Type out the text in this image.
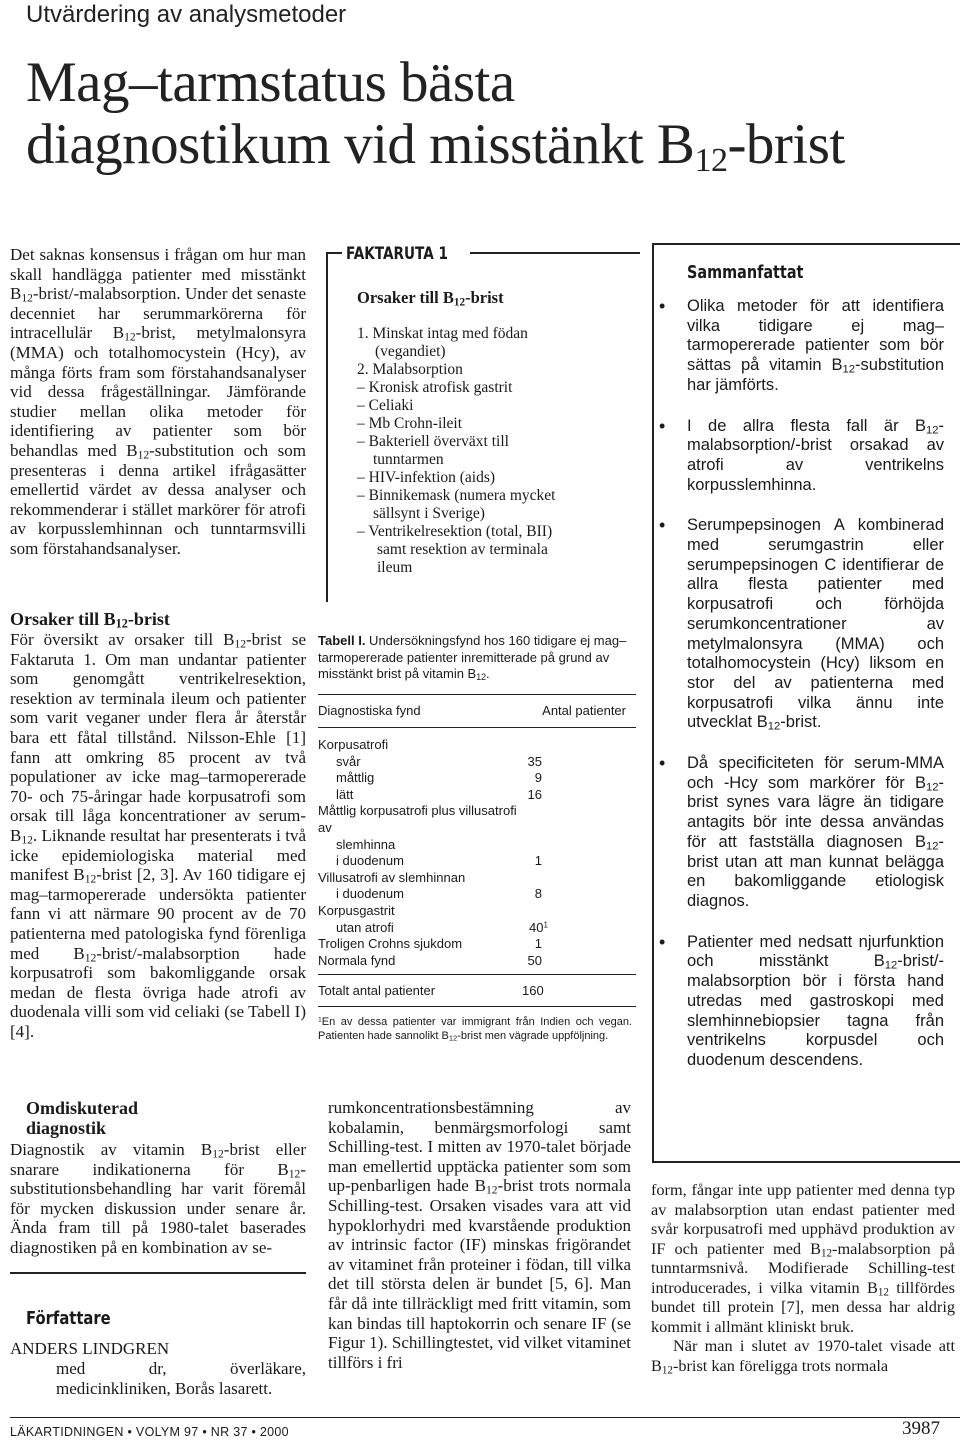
Utvärdering av analysmetoder
Mag–tarmstatus bästa
diagnostikum vid misstänkt $B_{12}$-brist
Det saknas konsensus i frågan om hur man skall handlägga patienter med misstänkt $B_{12}-brist/$-malabsorption. Under det senaste decenniet har serummarkörerna för intracellulär $B_{12}$-brist, metylmalonsyra (MMA) och totalhomocystein (Hcy), av många förts fram som förstahandsanalyser vid dessa frågeställningar. Jämförande studier mellan olika metoder för identifiering av patienter som bör behandlas med $B_{12}$-substitution och som presenteras i denna artikel ifrågasätter emellertid värdet av dessa analyser och rekommenderar i stället markörer för atrofi av korpusslemhinnan och tunntarmsvilli som förstahandsanalyser.
Orsaker till $B_{12}$-brist
För översikt av orsaker till $B_{12}$-brist se Faktaruta 1. Om man undantar patienter som genomgått ventrikelresektion, resektion av terminala ileum och patienter som varit veganer under flera år återstår bara ett fåtal tillstånd. Nilsson-Ehle [1] fann att omkring 85 procent av två populationer av icke mag–tarmopererade 70- och 75-åringar hade korpusatrofi som orsak till låga koncentrationer av serum-$B_{12}$. Liknande resultat har presenterats i två icke epidemiologiska material med manifest $B_{12}$-brist [2, 3]. Av 160 tidigare ej mag–tarmopererade undersökta patienter fann vi att närmare 90 procent av de 70 patienterna med patologiska fynd förenliga med $B_{12}-brist/$-malabsorption hade korpusatrofi som bakomliggande orsak medan de flesta övriga hade atrofi av duodenala villi som vid celiaki (se Tabell I) [4].
Omdiskuterad
diagnostik
Diagnostik av vitamin $B_{12}$-brist eller snarare indikationerna för $B_{12}$-substitutionsbehandling har varit föremål för mycken diskussion under senare år. Ända fram till på 1980-talet baserades diagnostiken på en kombination av se-
Författare
ANDERS LINDGREN
med dr, överläkare, medicinkliniken, Borås lasarett.
FAKTARUTA 1
Orsaker till $B_{12}$-brist
1. Minskat intag med födan
(vegandiet)
2. Malabsorption
– Kronisk atrofisk gastrit
– Celiaki
– Mb Crohn-ileit
– Bakteriell överväxt till
tunntarmen
– HIV-infektion (aids)
– Binnikemask (numera mycket
sällsynt i Sverige)
– Ventrikelresektion (total, BII)
samt resektion av terminala
ileum
Tabell I. Undersökningsfynd hos 160 tidigare ej mag–tarmopererade patienter inremitterade på grund av misstänkt brist på vitamin $B_{12}$.
Diagnostiska fynd	Antal patienter
Korpusatrofi	
svår	35
måttlig	9
lätt	16
Måttlig korpusatrofi plus villusatrofi av	
slemhinna	
i duodenum	1
Villusatrofi av slemhinnan	
i duodenum	8
Korpusgastrit	
utan atrofi	$40^1$
Troligen Crohns sjukdom	1
Normala fynd	50
Totalt antal patienter	160
$^1$En av dessa patienter var immigrant från Indien och vegan. Patienten hade sannolikt $B_{12}$-brist men vägrade uppföljning.
rumkoncentrationsbestämning av kobalamin, benmärgsmorfologi samt Schilling-test. I mitten av 1970-talet började man emellertid upptäcka patienter som som up-penbarligen hade $B_{12}$-brist trots normala Schilling-test. Orsaken visades vara att vid hypoklorhydri med kvarstående produktion av intrinsic factor (IF) minskas frigörandet av vitaminet från proteiner i födan, till vilka det till största delen är bundet [5, 6]. Man får då inte tillräckligt med fritt vitamin, som kan bindas till haptokorrin och senare IF (se Figur 1). Schillingtestet, vid vilket vitaminet tillförs i fri
Sammanfattat
• Olika metoder för att identifiera vilka tidigare ej mag–tarmopererade patienter som bör sättas på vitamin $B_{12}$-substitution har jämförts.
• I de allra flesta fall är $B_{12}-malabsorption/$-brist orsakad av atrofi av ventrikelns korpusslemhinna.
• Serumpepsinogen A kombinerad med serumgastrin eller serumpepsinogen C identifierar de allra flesta patienter med korpusatrofi och förhöjda serumkoncentrationer av metylmalonsyra (MMA) och totalhomocystein (Hcy) liksom en stor del av patienterna med korpusatrofi vilka ännu inte utvecklat $B_{12}$-brist.
• Då specificiteten för serum-MMA och -Hcy som markörer för $B_{12}$-brist synes vara lägre än tidigare antagits bör inte dessa användas för att fastställa diagnosen $B_{12}$-brist utan att man kunnat belägga en bakomliggande etiologisk diagnos.
• Patienter med nedsatt njurfunktion och misstänkt $B_{12}-brist/$-malabsorption bör i första hand utredas med gastroskopi med slemhinnebiopsier tagna från ventrikelns korpusdel och duodenum descendens.

form, fångar inte upp patienter med denna typ av malabsorption utan endast patienter med svår korpusatrofi med upphävd produktion av IF och patienter med $B_{12}$-malabsorption på tunntarmsnivå. Modifierade Schilling-test introducerades, i vilka vitamin $B_{12}$ tillfördes bundet till protein [7], men dessa har aldrig kommit i allmänt kliniskt bruk.

När man i slutet av 1970-talet visade att $B_{12}$-brist kan föreligga trots normala

LÄKARTIDNINGEN • VOLYM 97 • NR 37 • 2000	3987
